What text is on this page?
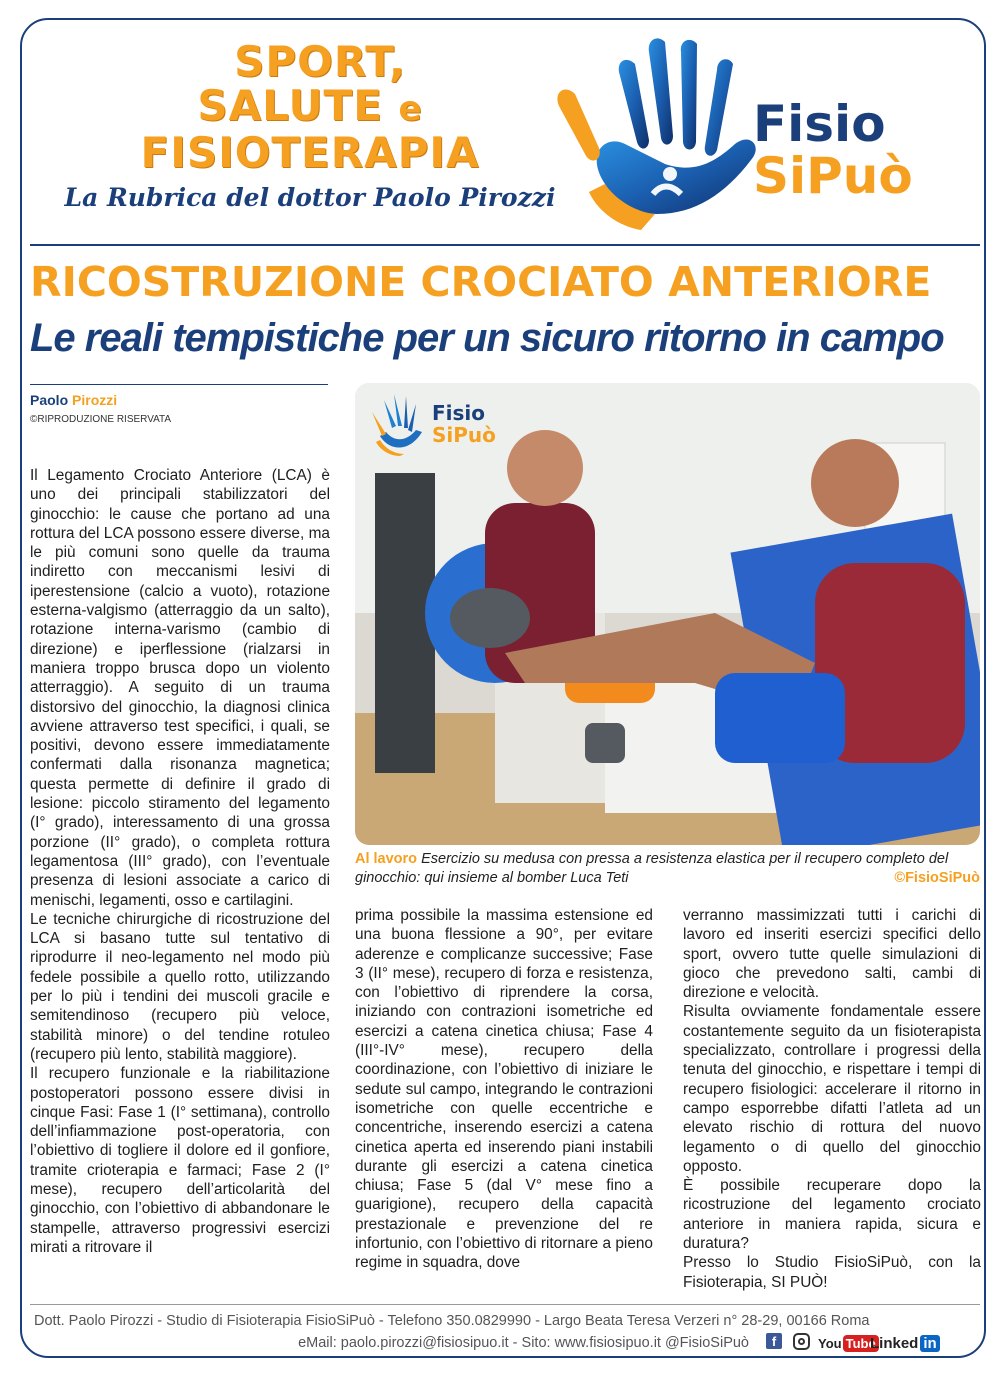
SPORT,
SALUTE e
FISIOTERAPIA
La Rubrica del dottor Paolo Pirozzi
Fisio
SiPuò
RICOSTRUZIONE CROCIATO ANTERIORE
Le reali tempistiche per un sicuro ritorno in campo
Paolo Pirozzi
©RIPRODUZIONE RISERVATA

Il Legamento Crociato Anteriore (LCA) è uno dei principali stabilizzatori del ginocchio: le cause che portano ad una rottura del LCA possono essere diverse, ma le più comuni sono quelle da trauma indiretto con meccanismi lesivi di iperestensione (calcio a vuoto), rotazione esterna-valgismo (atterraggio da un salto), rotazione interna-varismo (cambio di direzione) e iperflessione (rialzarsi in maniera troppo brusca dopo un violento atterraggio). A seguito di un trauma distorsivo del ginocchio, la diagnosi clinica avviene attraverso test specifici, i quali, se positivi, devono essere immediatamente confermati dalla risonanza magnetica; questa permette di definire il grado di lesione: piccolo stiramento del legamento (I° grado), interessamento di una grossa porzione (II° grado), o completa rottura legamentosa (III° grado), con l’eventuale presenza di lesioni associate a carico di menischi, legamenti, osso e cartilagini.

Le tecniche chirurgiche di ricostruzione del LCA si basano tutte sul tentativo di riprodurre il neo-legamento nel modo più fedele possibile a quello rotto, utilizzando per lo più i tendini dei muscoli gracile e semitendinoso (recupero più veloce, stabilità minore) o del tendine rotuleo (recupero più lento, stabilità maggiore).

Il recupero funzionale e la riabilitazione postoperatori possono essere divisi in cinque Fasi: Fase 1 (I° settimana), controllo dell’infiammazione post-operatoria, con l’obiettivo di togliere il dolore ed il gonfiore, tramite crioterapia e farmaci; Fase 2 (I° mese), recupero dell’articolarità del ginocchio, con l’obiettivo di abbandonare le stampelle, attraverso progressivi esercizi mirati a ritrovare il

Fisio
SiPuò
Al lavoro Esercizio su medusa con pressa a resistenza elastica per il recupero completo del ginocchio: qui insieme al bomber Luca Teti	©FisioSiPuò

prima possibile la massima estensione ed una buona flessione a 90°, per evitare aderenze e complicanze successive; Fase 3 (II° mese), recupero di forza e resistenza, con l’obiettivo di riprendere la corsa, iniziando con contrazioni isometriche ed esercizi a catena cinetica chiusa; Fase 4 (III°-IV° mese), recupero della coordinazione, con l’obiettivo di iniziare le sedute sul campo, integrando le contrazioni isometriche con quelle eccentriche e concentriche, inserendo esercizi a catena cinetica aperta ed inserendo piani instabili durante gli esercizi a catena cinetica chiusa; Fase 5 (dal V° mese fino a guarigione), recupero della capacità prestazionale e prevenzione del re infortunio, con l’obiettivo di ritornare a pieno regime in squadra, dove

verranno massimizzati tutti i carichi di lavoro ed inseriti esercizi specifici dello sport, ovvero tutte quelle simulazioni di gioco che prevedono salti, cambi di direzione e velocità.

Risulta ovviamente fondamentale essere costantemente seguito da un fisioterapista specializzato, controllare i progressi della tenuta del ginocchio, e rispettare i tempi di recupero fisiologici: accelerare il ritorno in campo esporrebbe difatti l’atleta ad un elevato rischio di rottura del nuovo legamento o di quello del ginocchio opposto.

È possibile recuperare dopo la ricostruzione del legamento crociato anteriore in maniera rapida, sicura e duratura?

Presso lo Studio FisioSiPuò, con la Fisioterapia, SI PUÒ!

Dott. Paolo Pirozzi - Studio di Fisioterapia FisioSiPuò - Telefono 350.0829990 - Largo Beata Teresa Verzeri n° 28-29, 00166 Roma
eMail: paolo.pirozzi@fisiosipuo.it - Sito: www.fisiosipuo.it @FisioSiPuò	f	You Tube
Linked in
